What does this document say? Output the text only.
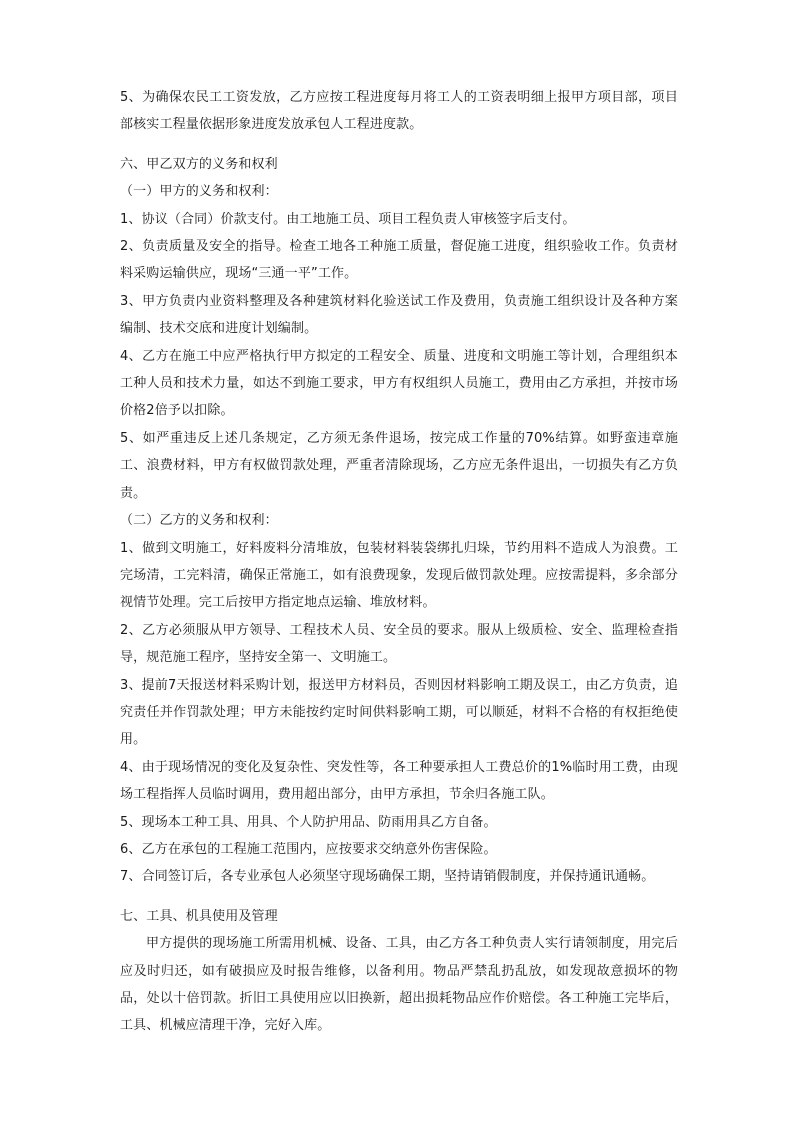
5、为确保农民工工资发放，乙方应按工程进度每月将工人的工资表明细上报甲方项目部，项目部核实工程量依据形象进度发放承包人工程进度款。

六、甲乙双方的义务和权利

（一）甲方的义务和权利：

1、协议（合同）价款支付。由工地施工员、项目工程负责人审核签字后支付。

2、负责质量及安全的指导。检查工地各工种施工质量，督促施工进度，组织验收工作。负责材料采购运输供应，现场“三通一平”工作。

3、甲方负责内业资料整理及各种建筑材料化验送试工作及费用，负责施工组织设计及各种方案编制、技术交底和进度计划编制。

4、乙方在施工中应严格执行甲方拟定的工程安全、质量、进度和文明施工等计划，合理组织本工种人员和技术力量，如达不到施工要求，甲方有权组织人员施工，费用由乙方承担，并按市场价格2倍予以扣除。

5、如严重违反上述几条规定，乙方须无条件退场，按完成工作量的70%结算。如野蛮违章施工、浪费材料，甲方有权做罚款处理，严重者清除现场，乙方应无条件退出，一切损失有乙方负责。

（二）乙方的义务和权利：

1、做到文明施工，好料废料分清堆放，包装材料装袋绑扎归垛，节约用料不造成人为浪费。工完场清，工完料清，确保正常施工，如有浪费现象，发现后做罚款处理。应按需提料，多余部分视情节处理。完工后按甲方指定地点运输、堆放材料。

2、乙方必须服从甲方领导、工程技术人员、安全员的要求。服从上级质检、安全、监理检查指导，规范施工程序，坚持安全第一、文明施工。

3、提前7天报送材料采购计划，报送甲方材料员，否则因材料影响工期及误工，由乙方负责，追究责任并作罚款处理；甲方未能按约定时间供料影响工期，可以顺延，材料不合格的有权拒绝使用。

4、由于现场情况的变化及复杂性、突发性等，各工种要承担人工费总价的1%临时用工费，由现场工程指挥人员临时调用，费用超出部分，由甲方承担，节余归各施工队。

5、现场本工种工具、用具、个人防护用品、防雨用具乙方自备。

6、乙方在承包的工程施工范围内，应按要求交纳意外伤害保险。

7、合同签订后，各专业承包人必须坚守现场确保工期，坚持请销假制度，并保持通讯通畅。

七、工具、机具使用及管理

甲方提供的现场施工所需用机械、设备、工具，由乙方各工种负责人实行请领制度，用完后应及时归还，如有破损应及时报告维修，以备利用。物品严禁乱扔乱放，如发现故意损坏的物品，处以十倍罚款。折旧工具使用应以旧换新，超出损耗物品应作价赔偿。各工种施工完毕后，工具、机械应清理干净，完好入库。
